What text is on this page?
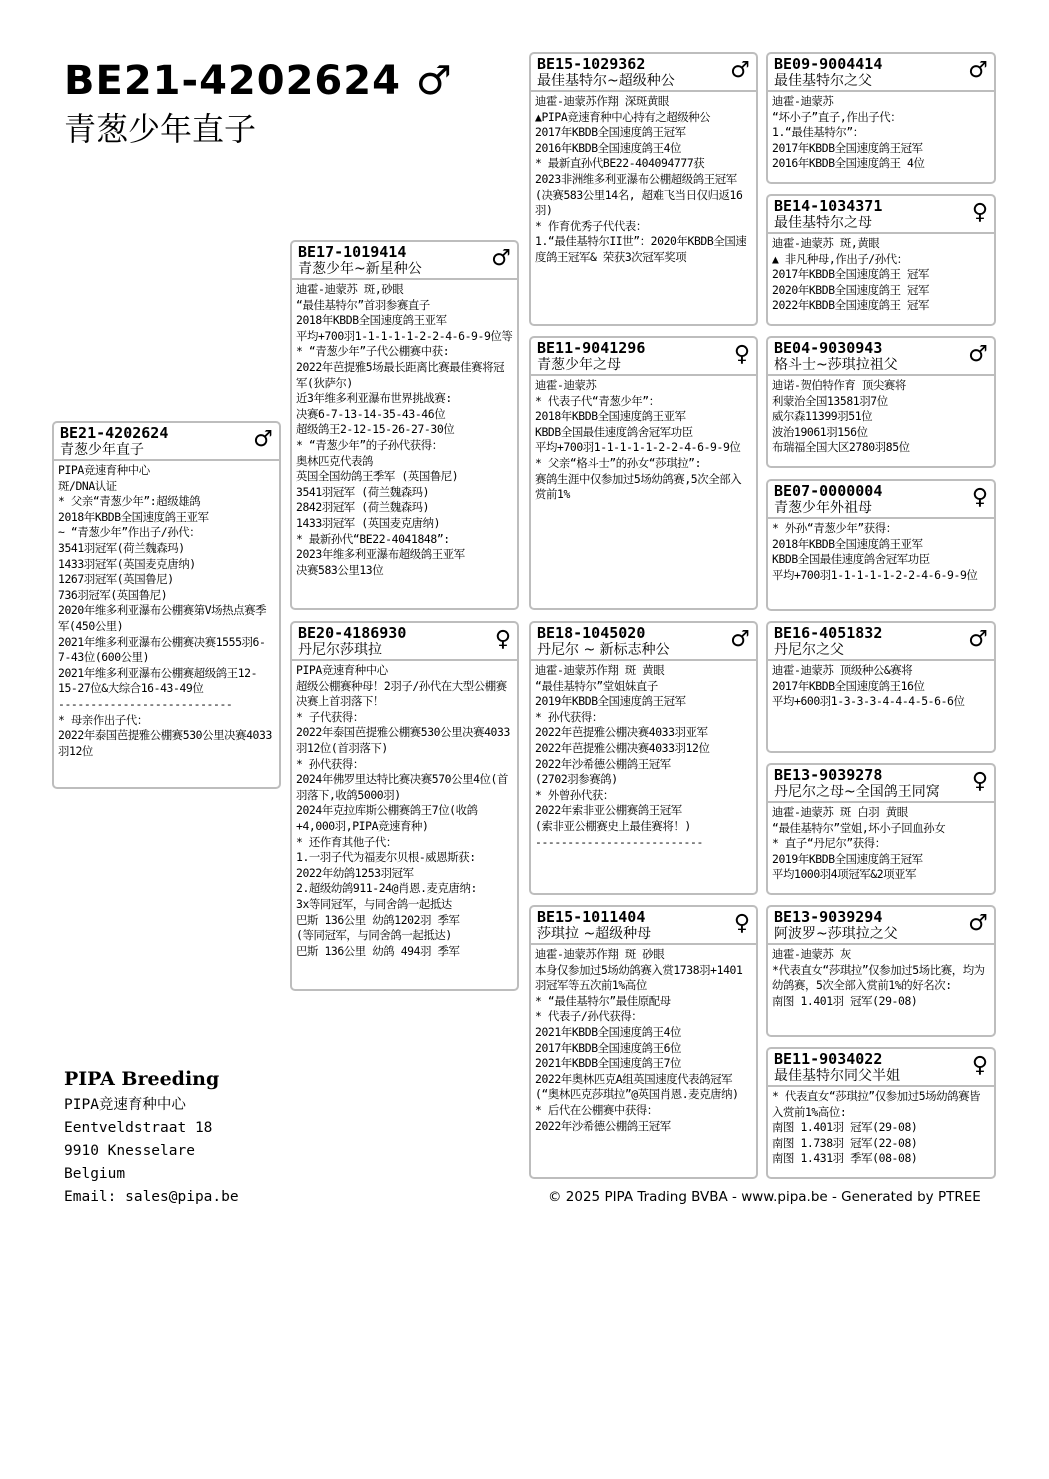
BE21-4202624 ♂
青葱少年直子
BE21-4202624
青葱少年直子	♂
PIPA竞速育种中心
斑/DNA认证
* 父亲“青葱少年”:超级雄鸽
2018年KBDB全国速度鸽王亚军
~ “青葱少年”作出子/孙代：
3541羽冠军(荷兰魏森玛)
1433羽冠军(英国麦克唐纳)
1267羽冠军(英国鲁尼)
736羽冠军(英国鲁尼)
2020年维多利亚瀑布公棚赛第V场热点赛季军(450公里)
2021年维多利亚瀑布公棚赛决赛1555羽6-7-43位(600公里)
2021年维多利亚瀑布公棚赛超级鸽王12-15-27位&大综合16-43-49位
---------------------------
* 母亲作出子代：
2022年泰国芭提雅公棚赛530公里决赛4033羽12位
BE17-1019414
青葱少年~新星种公	♂
迪霍-迪蒙苏 斑,砂眼
“最佳基特尔”首羽参赛直子
2018年KBDB全国速度鸽王亚军
平均+700羽1-1-1-1-1-2-2-4-6-9-9位等
* “青葱少年”子代公棚赛中获:
2022年芭提雅5场最长距离比赛最佳赛将冠军(狄萨尔)
近3年维多利亚瀑布世界挑战赛:
决赛6-7-13-14-35-43-46位
超级鸽王2-12-15-26-27-30位
* “青葱少年”的子孙代获得：
奥林匹克代表鸽
英国全国幼鸽王季军 (英国鲁尼)
3541羽冠军 (荷兰魏森玛)
2842羽冠军 (荷兰魏森玛)
1433羽冠军 (英国麦克唐纳)
* 最新孙代“BE22-4041848”:
2023年维多利亚瀑布超级鸽王亚军
决赛583公里13位
BE20-4186930
丹尼尔莎琪拉	♀
PIPA竞速育种中心
超级公棚赛种母！2羽子/孙代在大型公棚赛决赛上首羽落下！
* 子代获得：
2022年泰国芭提雅公棚赛530公里决赛4033羽12位(首羽落下)
* 孙代获得：
2024年佛罗里达特比赛决赛570公里4位(首羽落下,收鸽5000羽)
2024年克拉库斯公棚赛鸽王7位(收鸽+4,000羽,PIPA竞速育种)
* 还作育其他子代：
1.一羽子代为福麦尔贝根-威恩斯获:
2022年幼鸽1253羽冠军
2.超级幼鸽911-24@肖恩.麦克唐纳:
3x等同冠军，与同舍鸽一起抵达
巴斯 136公里 幼鸽1202羽 季军
(等同冠军，与同舍鸽一起抵达)
巴斯 136公里 幼鸽 494羽 季军
BE15-1029362
最佳基特尔~超级种公	♂
迪霍-迪蒙苏作翔 深斑黄眼
▲PIPA竞速育种中心持有之超级种公
2017年KBDB全国速度鸽王冠军
2016年KBDB全国速度鸽王4位
* 最新直孙代BE22-404094777获
2023非洲维多利亚瀑布公棚超级鸽王冠军(决赛583公里14名, 超难飞当日仅归返16羽)
* 作育优秀子代代表：
1.“最佳基特尔II世”：2020年KBDB全国速度鸽王冠军& 荣获3次冠军奖项
BE11-9041296
青葱少年之母	♀
迪霍-迪蒙苏
* 代表子代“青葱少年”：
2018年KBDB全国速度鸽王亚军
KBDB全国最佳速度鸽舍冠军功臣
平均+700羽1-1-1-1-1-2-2-4-6-9-9位
* 父亲“格斗士”的孙女“莎琪拉”:
赛鸽生涯中仅参加过5场幼鸽赛,5次全部入赏前1%
BE18-1045020
丹尼尔 ~ 新标志种公	♂
迪霍-迪蒙苏作翔 斑 黄眼
“最佳基特尔”堂姐妹直子
2019年KBDB全国速度鸽王冠军
* 孙代获得：
2022年芭提雅公棚决赛4033羽亚军
2022年芭提雅公棚决赛4033羽12位
2022年沙希德公棚鸽王冠军
(2702羽参赛鸽)
* 外曾孙代获：
2022年索非亚公棚赛鸽王冠军
(索非亚公棚赛史上最佳赛将！)
--------------------------
BE15-1011404
莎琪拉 ~超级种母	♀
迪霍-迪蒙苏作翔 斑 砂眼
本身仅参加过5场幼鸽赛入赏1738羽+1401羽冠军等五次前1%高位
* “最佳基特尔”最佳原配母
* 代表子/孙代获得：
2021年KBDB全国速度鸽王4位
2017年KBDB全国速度鸽王6位
2021年KBDB全国速度鸽王7位
2022年奥林匹克A组英国速度代表鸽冠军(“奥林匹克莎琪拉”@英国肖恩.麦克唐纳)
* 后代在公棚赛中获得：
2022年沙希德公棚鸽王冠军
BE09-9004414
最佳基特尔之父	♂
迪霍-迪蒙苏
“坏小子”直子,作出子代：
1.“最佳基特尔”：
2017年KBDB全国速度鸽王冠军
2016年KBDB全国速度鸽王 4位
BE14-1034371
最佳基特尔之母	♀
迪霍-迪蒙苏 斑,黄眼
▲ 非凡种母,作出子/孙代：
2017年KBDB全国速度鸽王 冠军
2020年KBDB全国速度鸽王 冠军
2022年KBDB全国速度鸽王 冠军
BE04-9030943
格斗士~莎琪拉祖父	♂
迪诺-贺伯特作育 顶尖赛将
利蒙治全国13581羽7位
威尔森11399羽51位
波治19061羽156位
布瑞福全国大区2780羽85位
BE07-0000004
青葱少年外祖母	♀
* 外孙“青葱少年”获得：
2018年KBDB全国速度鸽王亚军
KBDB全国最佳速度鸽舍冠军功臣
平均+700羽1-1-1-1-1-2-2-4-6-9-9位
BE16-4051832
丹尼尔之父	♂
迪霍-迪蒙苏 顶级种公&赛将
2017年KBDB全国速度鸽王16位
平均+600羽1-3-3-3-4-4-4-5-6-6位
BE13-9039278
丹尼尔之母~全国鸽王同窝	♀
迪霍-迪蒙苏 斑 白羽 黄眼
“最佳基特尔”堂姐,坏小子回血孙女
* 直子“丹尼尔”获得：
2019年KBDB全国速度鸽王冠军
平均1000羽4项冠军&2项亚军
BE13-9039294
阿波罗~莎琪拉之父	♂
迪霍-迪蒙苏 灰
*代表直女“莎琪拉”仅参加过5场比赛，均为幼鸽赛，5次全部入赏前1%的好名次:
南图 1.401羽 冠军(29-08)
BE11-9034022
最佳基特尔同父半姐	♀
* 代表直女“莎琪拉”仅参加过5场幼鸽赛皆入赏前1%高位:
南图 1.401羽 冠军(29-08)
南图 1.738羽 冠军(22-08)
南图 1.431羽 季军(08-08)
PIPA Breeding
PIPA竞速育种中心
Eentveldstraat 18
9910 Knesselare
Belgium
Email: sales@pipa.be	© 2025 PIPA Trading BVBA - www.pipa.be - Generated by PTREE
